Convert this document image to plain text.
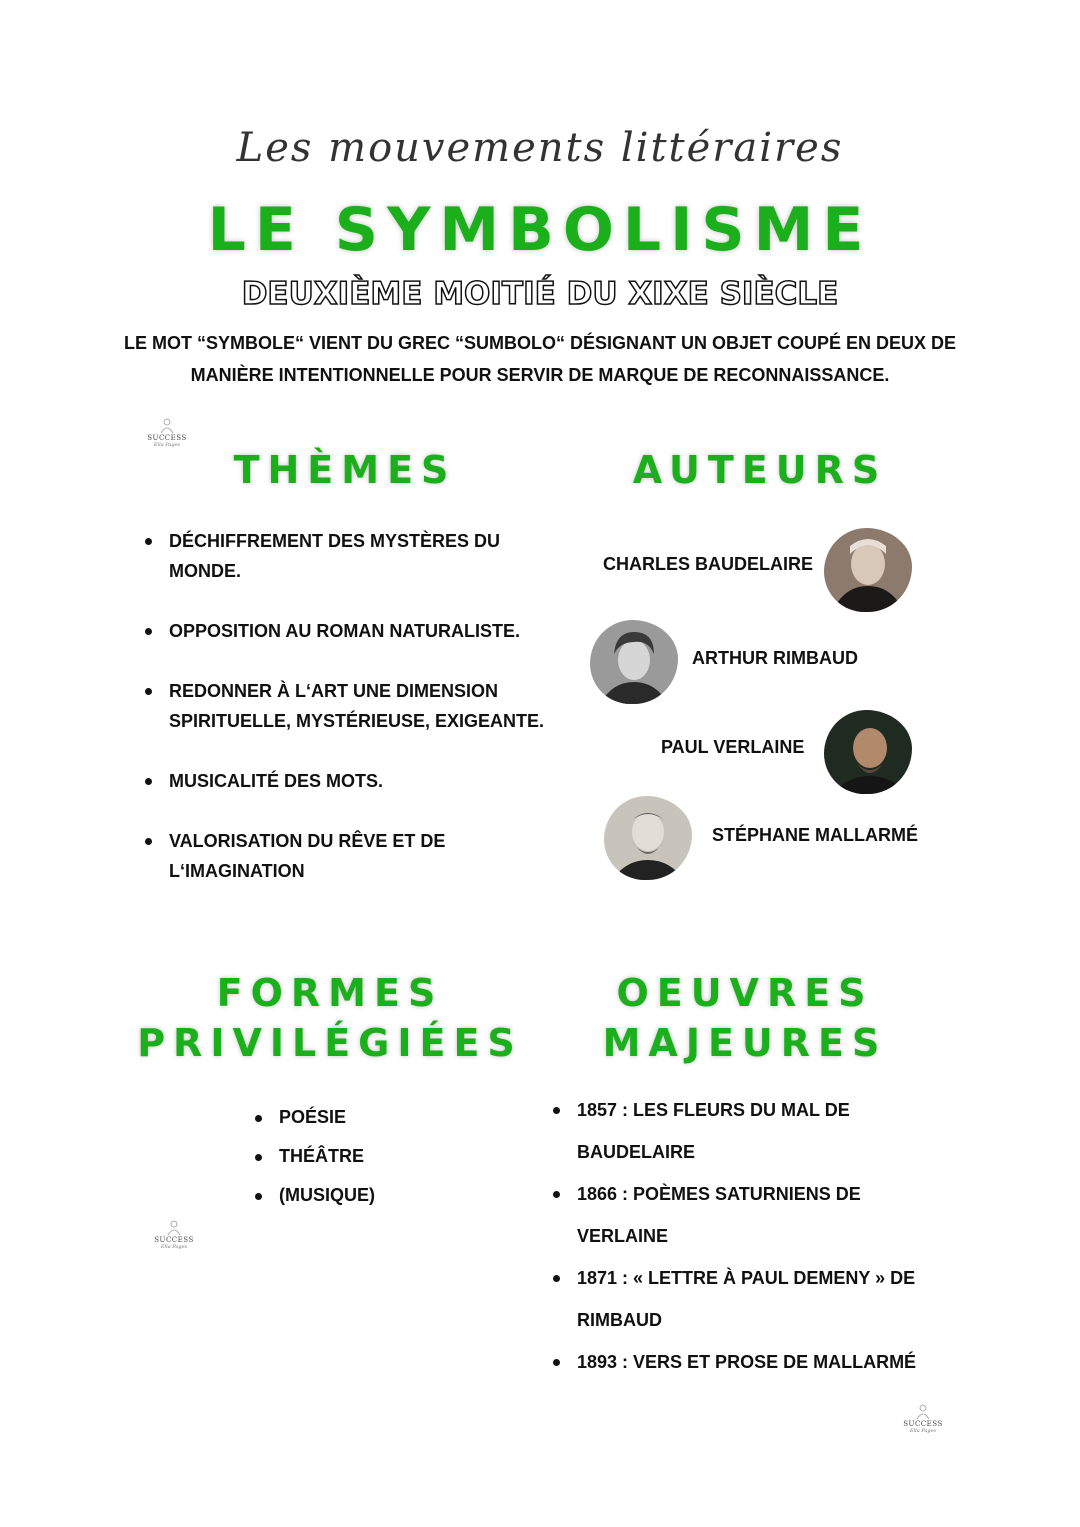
Les mouvements littéraires
LE SYMBOLISME
DEUXIÈME MOITIÉ DU XIXE SIÈCLE
LE MOT “SYMBOLE“ VIENT DU GREC “SUMBOLO“ DÉSIGNANT UN OBJET COUPÉ EN DEUX DE MANIÈRE INTENTIONNELLE POUR SERVIR DE MARQUE DE RECONNAISSANCE.
SUCCESS
Ella Pages
SUCCESS
Ella Pages
SUCCESS
Ella Pages
THÈMES
DÉCHIFFREMENT DES MYSTÈRES DU MONDE.
OPPOSITION AU ROMAN NATURALISTE.
REDONNER À L‘ART UNE DIMENSION SPIRITUELLE, MYSTÉRIEUSE, EXIGEANTE.
MUSICALITÉ DES MOTS.
VALORISATION DU RÊVE ET DE L‘IMAGINATION
AUTEURS
CHARLES BAUDELAIRE
ARTHUR RIMBAUD
PAUL VERLAINE
STÉPHANE MALLARMÉ
FORMES
PRIVILÉGIÉES
POÉSIE
THÉÂTRE
(MUSIQUE)
OEUVRES
MAJEURES
1857 : LES FLEURS DU MAL DE BAUDELAIRE
1866 : POÈMES SATURNIENS DE VERLAINE
1871 : « LETTRE À PAUL DEMENY » DE RIMBAUD
1893 : VERS ET PROSE DE MALLARMÉ
